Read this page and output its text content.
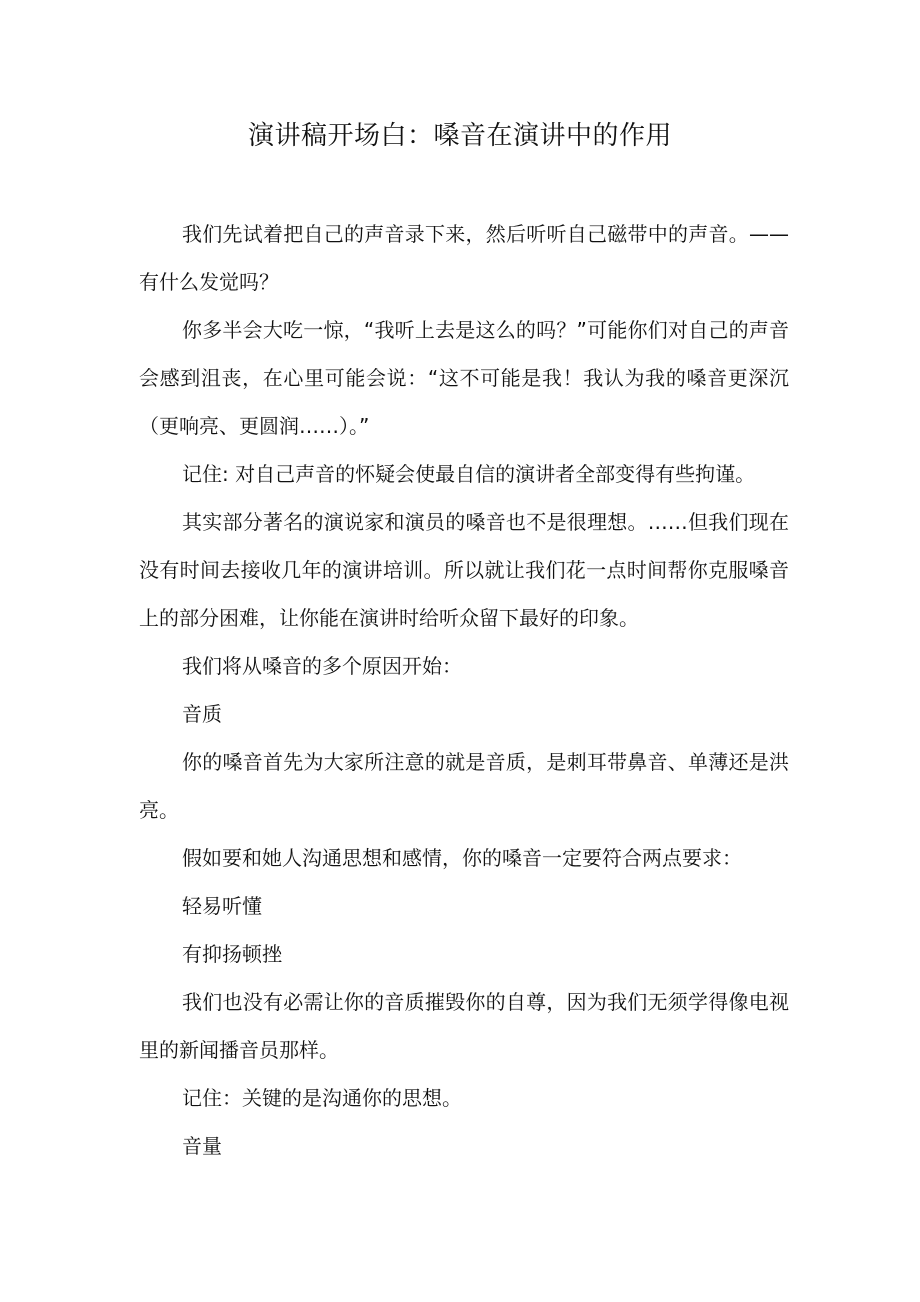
演讲稿开场白：嗓音在演讲中的作用

我们先试着把自己的声音录下来，然后听听自己磁带中的声音。——有什么发觉吗？

你多半会大吃一惊，“我听上去是这么的吗？”可能你们对自己的声音会感到沮丧，在心里可能会说：“这不可能是我！我认为我的嗓音更深沉（更响亮、更圆润……）。”

记住: 对自己声音的怀疑会使最自信的演讲者全部变得有些拘谨。

其实部分著名的演说家和演员的嗓音也不是很理想。……但我们现在没有时间去接收几年的演讲培训。所以就让我们花一点时间帮你克服嗓音上的部分困难，让你能在演讲时给听众留下最好的印象。

我们将从嗓音的多个原因开始：

音质

你的嗓音首先为大家所注意的就是音质，是刺耳带鼻音、单薄还是洪亮。

假如要和她人沟通思想和感情，你的嗓音一定要符合两点要求：

轻易听懂

有抑扬顿挫

我们也没有必需让你的音质摧毁你的自尊，因为我们无须学得像电视里的新闻播音员那样。

记住：关键的是沟通你的思想。

音量
